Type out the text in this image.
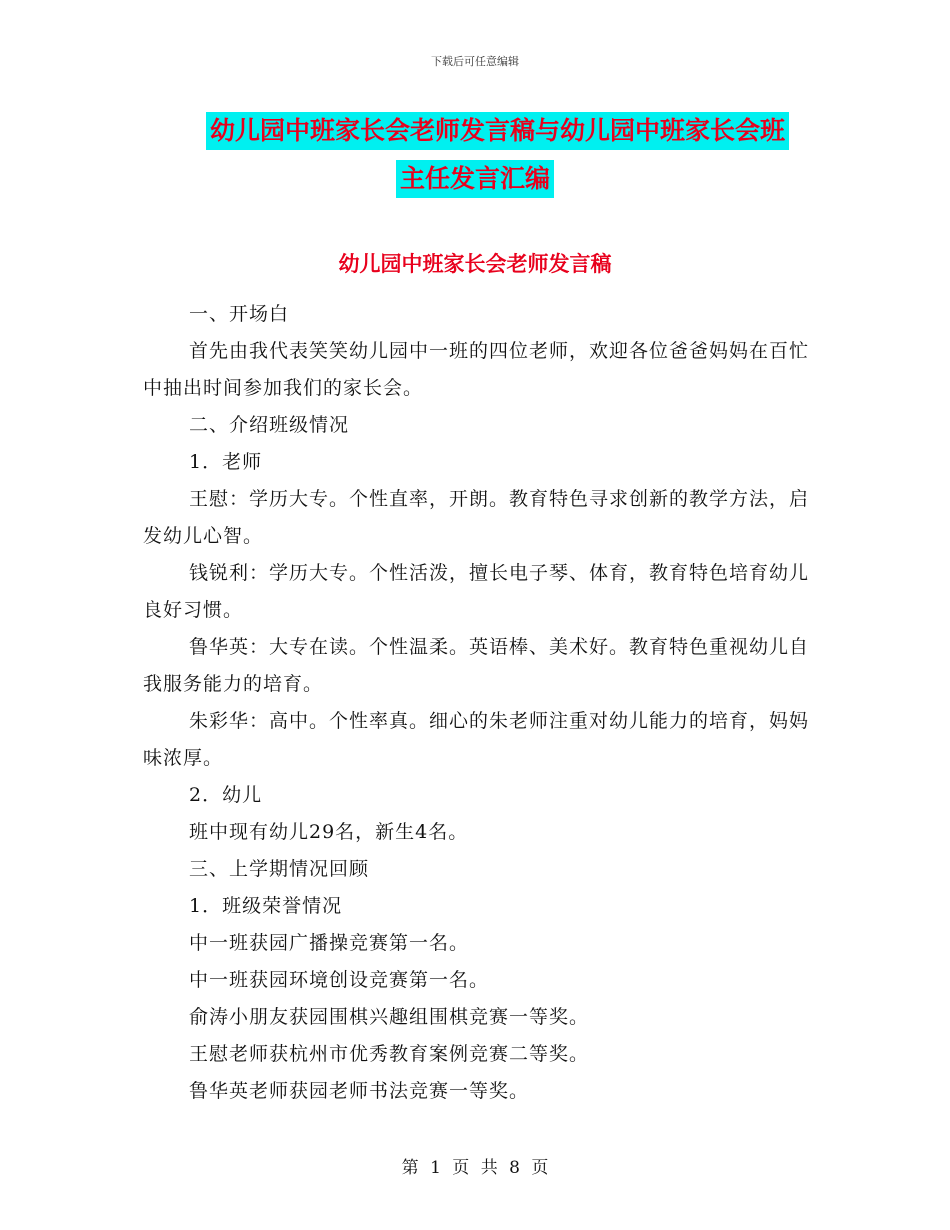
下载后可任意编辑
幼儿园中班家长会老师发言稿与幼儿园中班家长会班
主任发言汇编
幼儿园中班家长会老师发言稿

一、开场白

首先由我代表笑笑幼儿园中一班的四位老师，欢迎各位爸爸妈妈在百忙中抽出时间参加我们的家长会。

二、介绍班级情况

1．老师

王慰：学历大专。个性直率，开朗。教育特色寻求创新的教学方法，启发幼儿心智。

钱锐利：学历大专。个性活泼，擅长电子琴、体育，教育特色培育幼儿良好习惯。

鲁华英：大专在读。个性温柔。英语棒、美术好。教育特色重视幼儿自我服务能力的培育。

朱彩华：高中。个性率真。细心的朱老师注重对幼儿能力的培育，妈妈味浓厚。

2．幼儿

班中现有幼儿29名，新生4名。

三、上学期情况回顾

1．班级荣誉情况

中一班获园广播操竞赛第一名。

中一班获园环境创设竞赛第一名。

俞涛小朋友获园围棋兴趣组围棋竞赛一等奖。

王慰老师获杭州市优秀教育案例竞赛二等奖。

鲁华英老师获园老师书法竞赛一等奖。

第 1 页 共 8 页
